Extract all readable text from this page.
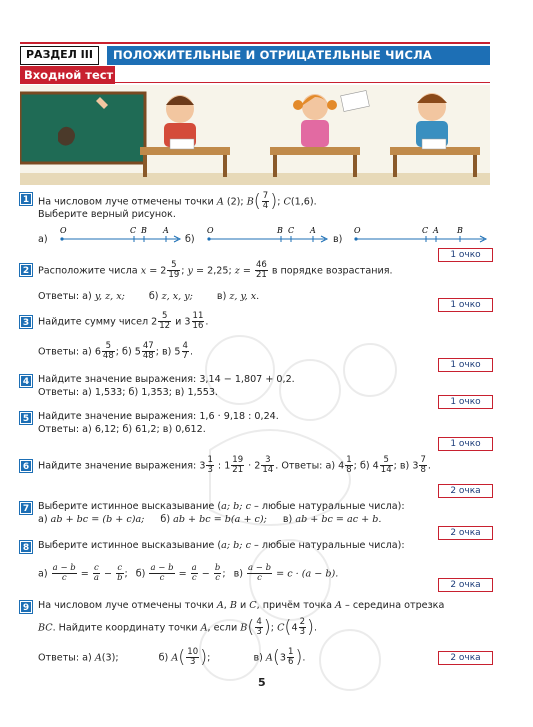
РАЗДЕЛ III	ПОЛОЖИТЕЛЬНЫЕ И ОТРИЦАТЕЛЬНЫЕ ЧИСЛА
Входной тест
1 На числовом луче отмечены точки A (2); $B( \frac{7}{4}$ ); C(1,6).
Выберите верный рисунок.
а)
O	C B A
б)
O	B C A
в)
O	C A B
1 очко
2 Расположите числа $x = 2 \frac{5}{19}$ ; y = 2,25; $z = \frac{46}{21}$ в порядке возрастания.
Ответы: а) y, z, x;	б) z, x, y;	в) z, y, x.
1 очко
3 Найдите сумму чисел $2 \frac{5}{12}$ и $3 \frac{11}{16}$ .
Ответы: а) $6 \frac{5}{48}$ ; б) $5 \frac{47}{48}$ ; в) $5 \frac{4}{7}$ .
1 очко
4 Найдите значение выражения: 3,14 − 1,807 + 0,2.
Ответы: а) 1,533; б) 1,353; в) 1,553.
1 очко
5 Найдите значение выражения: 1,6 · 9,18 : 0,24.
Ответы: а) 6,12; б) 61,2; в) 0,612.
1 очко
6 Найдите значение выражения: $3 \frac{1}{3}$ : $1 \frac{19}{21} \cdot 2 \frac{3}{14}$ . Ответы: а) $4 \frac{1}{8}$ ; б) $4 \frac{5}{14}$ ; в) $3 \frac{7}{8}$ .
2 очка
7 Выберите истинное высказывание (a; b; c – любые натуральные числа):
а) ab + bc = (b + c)a; б) ab + bc = b(a + c); в) ab + bc = ac + b.
2 очка
8 Выберите истинное высказывание (a; b; c – любые натуральные числа):
$а) \frac{a - b}{c} = \frac{c}{a} - \frac{c}{b}$ ; $б) \frac{a - b}{c} = \frac{a}{c} - \frac{b}{c}$ ; $в) \frac{a - b}{c} = c \cdot (a - b)$.
2 очка
9 На числовом луче отмечены точки A, B и C, причём точка A – середина отрезка
BC. Найдите координату точки A, если $B( \frac{4}{3}$ ); $C(4 \frac{2}{3}$ ).
Ответы: а) A(3);	б) $A( \frac{10}{3}$ );	в) $A(3 \frac{1}{6}$ ).	2 очка
5
